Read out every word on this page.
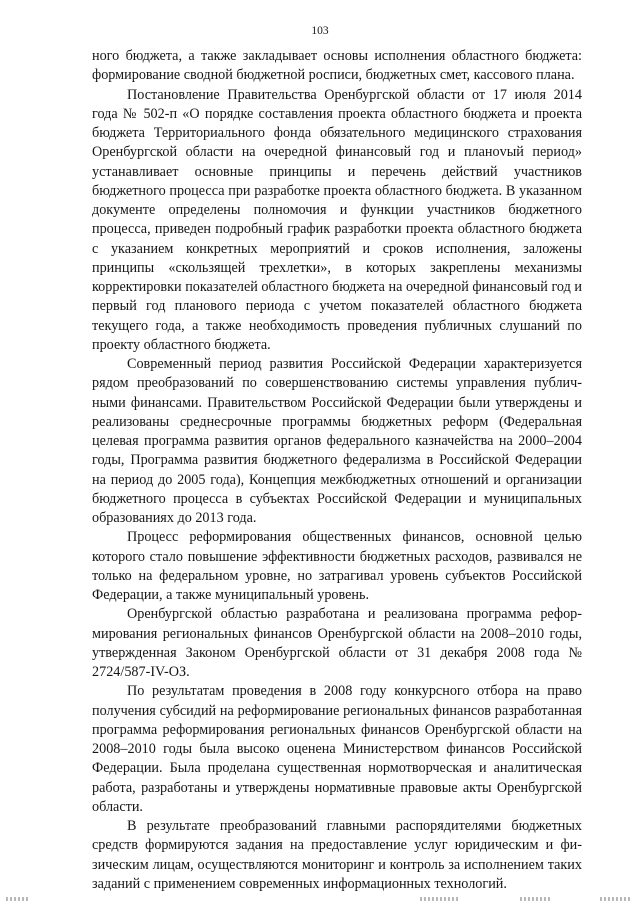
103

ного бюджета, а также закладывает основы исполнения областного бюджета: формирование сводной бюджетной росписи, бюджетных смет, кассового плана.

Постановление Правительства Оренбургской области от 17 июля 2014 года № 502-п «О порядке составления проекта областного бюджета и проекта бюджета Территориального фонда обязательного медицинского страхования Оренбургской области на очередной финансовый год и планоvый период» устанавливает основные принципы и перечень действий участников бюджетного процесса при разработке проекта областного бюджета. В указанном документе определены полномочия и функции участников бюджетного процесса, приведен подробный график разработки проекта областного бюджета с указанием конкретных мероприятий и сроков исполнения, заложены принципы «скользящей трехлетки», в которых закреплены механизмы корректировки показателей областного бюджета на очередной финансовый год и первый год планового периода с учетом показателей областного бюджета текущего года, а также необходимость проведения публичных слушаний по проекту областного бюджета.

Современный период развития Российской Федерации характеризуется рядом преобразований по совершенствованию системы управления публичными финансами. Правительством Российской Федерации были утверждены и реализованы среднесрочные программы бюджетных реформ (Федеральная целевая программа развития органов федерального казначейства на 2000–2004 годы, Программа развития бюджетного федерализма в Российской Федерации на период до 2005 года), Концепция межбюджетных отношений и организации бюджетного процесса в субъектах Российской Федерации и муниципальных образованиях до 2013 года.

Процесс реформирования общественных финансов, основной целью которого стало повышение эффективности бюджетных расходов, развивался не только на федеральном уровне, но затрагивал уровень субъектов Российской Федерации, а также муниципальный уровень.

Оренбургской областью разработана и реализована программа реформирования региональных финансов Оренбургской области на 2008–2010 годы, утвержденная Законом Оренбургской области от 31 декабря 2008 года № 2724/587-IV-ОЗ.

По результатам проведения в 2008 году конкурсного отбора на право получения субсидий на реформирование региональных финансов разработанная программа реформирования региональных финансов Оренбургской области на 2008–2010 годы была высоко оценена Министерством финансов Российской Федерации. Была проделана существенная нормотворческая и аналитическая работа, разработаны и утверждены нормативные правовые акты Оренбургской области.

В результате преобразований главными распорядителями бюджетных средств формируются задания на предоставление услуг юридическим и физическим лицам, осуществляются мониторинг и контроль за исполнением таких заданий с применением современных информационных технологий.
